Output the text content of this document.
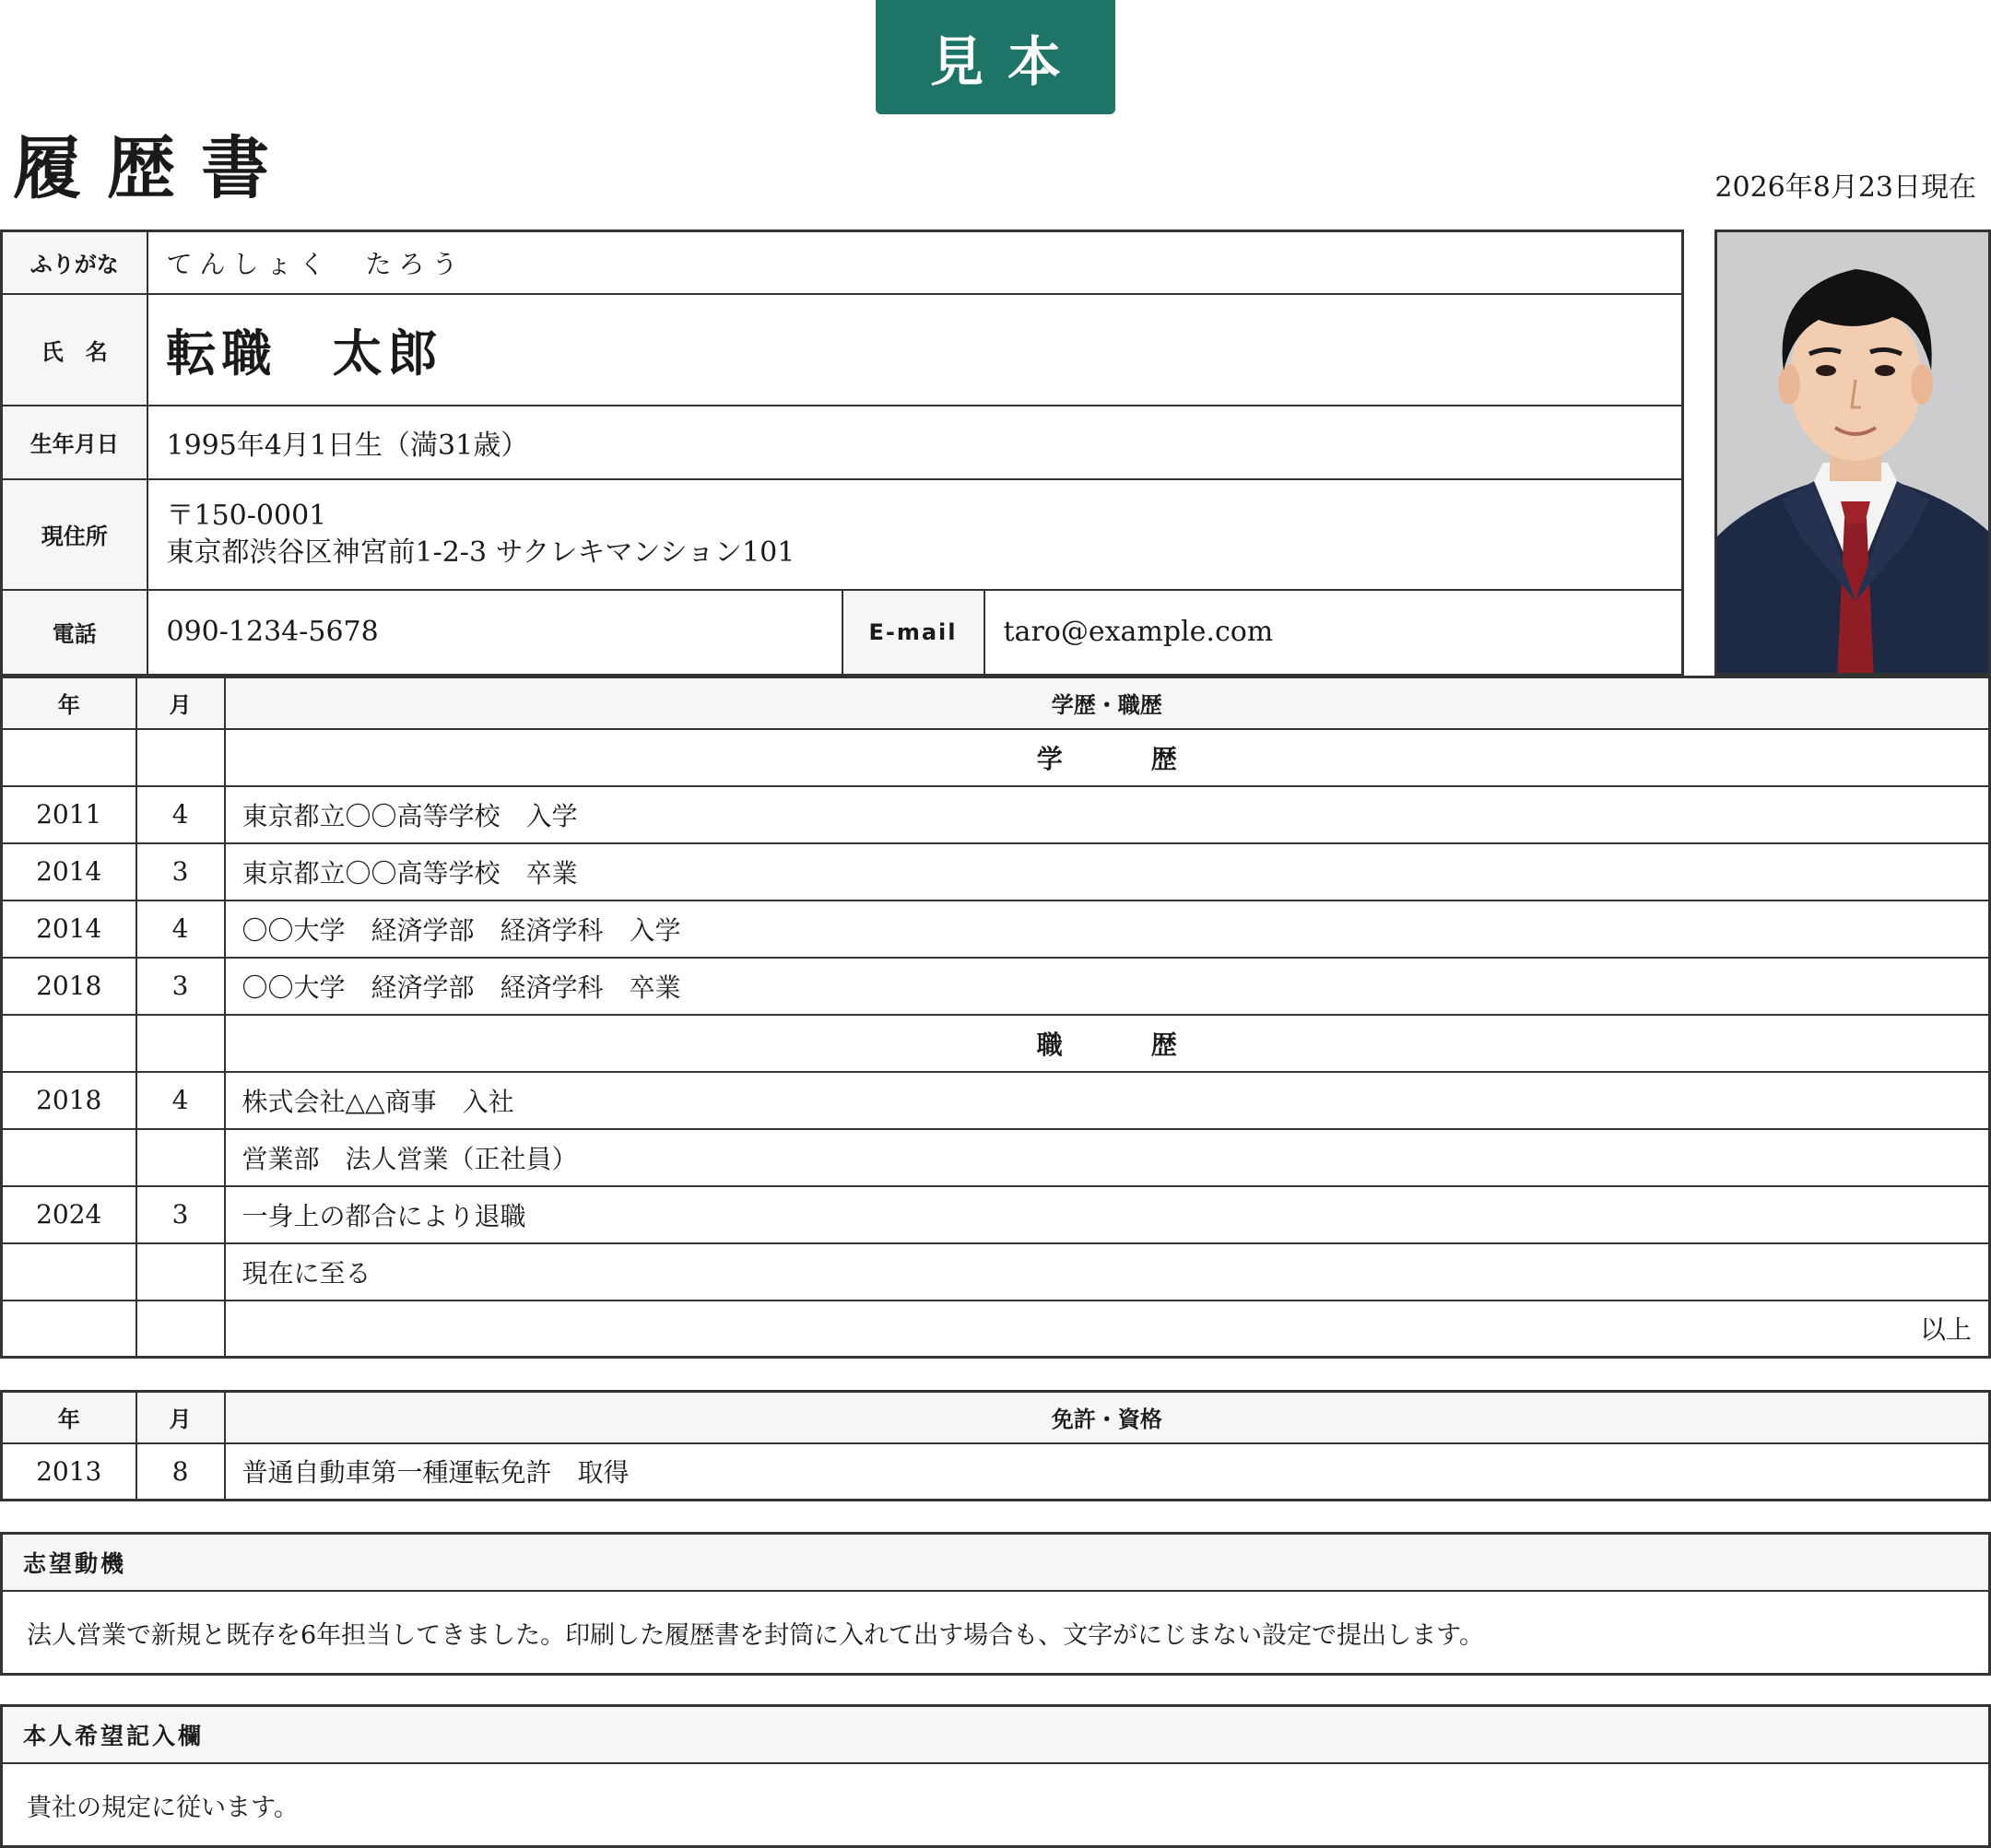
見本
履歴書	2026年8月23日現在
ふりがな	てんしょく　たろう		
氏　名	転職　太郎		
生年月日	1995年4月1日生（満31歳）		
現住所	〒150-0001
東京都渋谷区神宮前1-2-3 サクレキマンション101		

電話	090-1234-5678	E-mail	taro@example.com
年	月	学歴・職歴
		学　歴
2011	4	東京都立〇〇高等学校　入学
2014	3	東京都立〇〇高等学校　卒業
2014	4	〇〇大学　経済学部　経済学科　入学
2018	3	〇〇大学　経済学部　経済学科　卒業
		職　歴
2018	4	株式会社△△商事　入社
		営業部　法人営業（正社員）
2024	3	一身上の都合により退職
		現在に至る
		以上
年	月	免許・資格
2013	8	普通自動車第一種運転免許　取得
志望動機
法人営業で新規と既存を6年担当してきました。印刷した履歴書を封筒に入れて出す場合も、文字がにじまない設定で提出します。
本人希望記入欄
貴社の規定に従います。
